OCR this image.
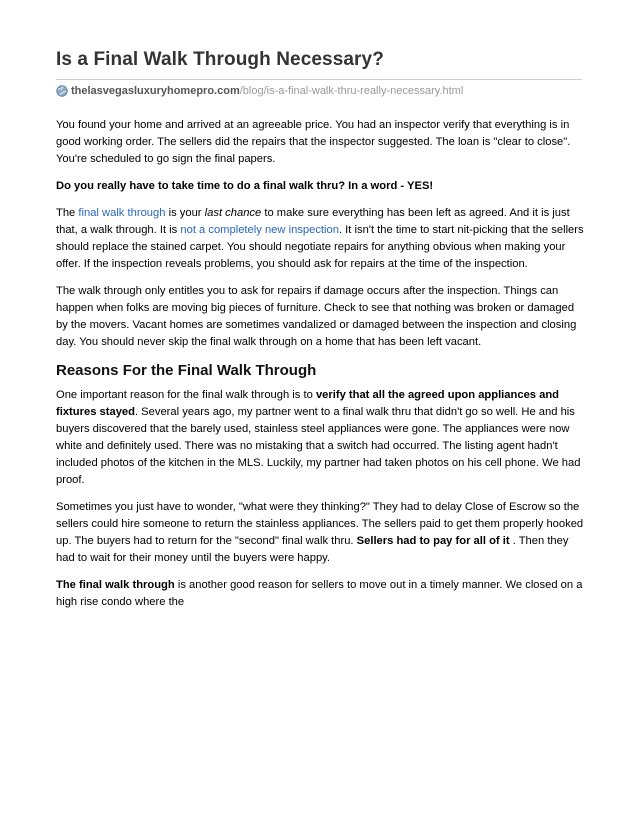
Is a Final Walk Through Necessary?
thelasvegasluxuryhomepro.com /blog/is-a-final-walk-thru-really-necessary.html

You found your home and arrived at an agreeable price. You had an inspector verify that everything is in good working order. The sellers did the repairs that the inspector suggested. The loan is "clear to close". You're scheduled to go sign the final papers.

Do you really have to take time to do a final walk thru? In a word - YES!

The final walk through is your last chance to make sure everything has been left as agreed. And it is just that, a walk through. It is not a completely new inspection. It isn't the time to start nit-picking that the sellers should replace the stained carpet. You should negotiate repairs for anything obvious when making your offer. If the inspection reveals problems, you should ask for repairs at the time of the inspection.

The walk through only entitles you to ask for repairs if damage occurs after the inspection. Things can happen when folks are moving big pieces of furniture. Check to see that nothing was broken or damaged by the movers. Vacant homes are sometimes vandalized or damaged between the inspection and closing day. You should never skip the final walk through on a home that has been left vacant.

Reasons For the Final Walk Through

One important reason for the final walk through is to verify that all the agreed upon appliances and fixtures stayed. Several years ago, my partner went to a final walk thru that didn't go so well. He and his buyers discovered that the barely used, stainless steel appliances were gone. The appliances were now white and definitely used. There was no mistaking that a switch had occurred. The listing agent hadn't included photos of the kitchen in the MLS. Luckily, my partner had taken photos on his cell phone. We had proof.

Sometimes you just have to wonder, "what were they thinking?" They had to delay Close of Escrow so the sellers could hire someone to return the stainless appliances. The sellers paid to get them properly hooked up. The buyers had to return for the "second" final walk thru. Sellers had to pay for all of it . Then they had to wait for their money until the buyers were happy.

The final walk through is another good reason for sellers to move out in a timely manner. We closed on a high rise condo where the
